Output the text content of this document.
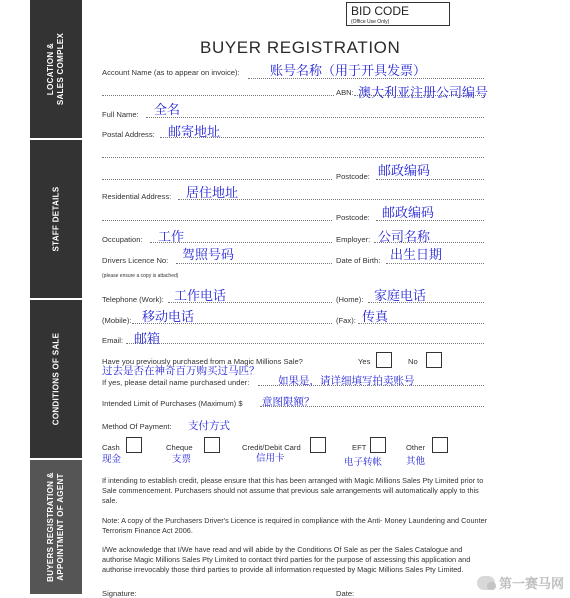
LOCATION &
SALES COMPLEX
STAFF DETAILS
CONDITIONS OF SALE
BUYERS REGISTRATION &
APPOINTMENT OF AGENT
BID CODE
(Office Use Only)
BUYER REGISTRATION
Account Name (as to appear on invoice): 账号名称（用于开具发票）
ABN: 澳大利亚注册公司编号
Full Name: 全名
Postal Address: 邮寄地址
Postcode: 邮政编码
Residential Address: 居住地址
Postcode: 邮政编码
Occupation: 工作	Employer: 公司名称
Drivers Licence No: 驾照号码	Date of Birth: 出生日期
(please ensure a copy is attached)
Telephone (Work): 工作电话	(Home): 家庭电话
(Mobile): 移动电话	(Fax): 传真
Email: 邮箱
Have you previously purchased from a Magic Millions Sale?	Yes	No
过去是否在神奇百万购买过马匹？
If yes, please detail name purchased under:	如果是，请详细填写拍卖账号
Intended Limit of Purchases (Maximum) $ 意图限额？
Method Of Payment: 支付方式
Cash
现金
Cheque
支票
Credit/Debit Card
信用卡
EFT
电子转帐
Other
其他
If intending to establish credit, please ensure that this has been arranged with Magic Millions Sales Pty Limited prior to Sale commencement. Purchasers should not assume that previous sale arrangements will automatically apply to this sale.
Note: A copy of the Purchasers Driver's Licence is required in compliance with the Anti- Money Laundering and Counter Terrorism Finance Act 2006.
I/We acknowledge that I/We have read and will abide by the Conditions Of Sale as per the Sales Catalogue and authorise Magic Millions Sales Pty Limited to contact third parties for the purpose of assessing this application and authorise irrevocably those third parties to provide all information requested by Magic Millions Sales Pty Limited.
Signature:	Date:
第一赛马网
